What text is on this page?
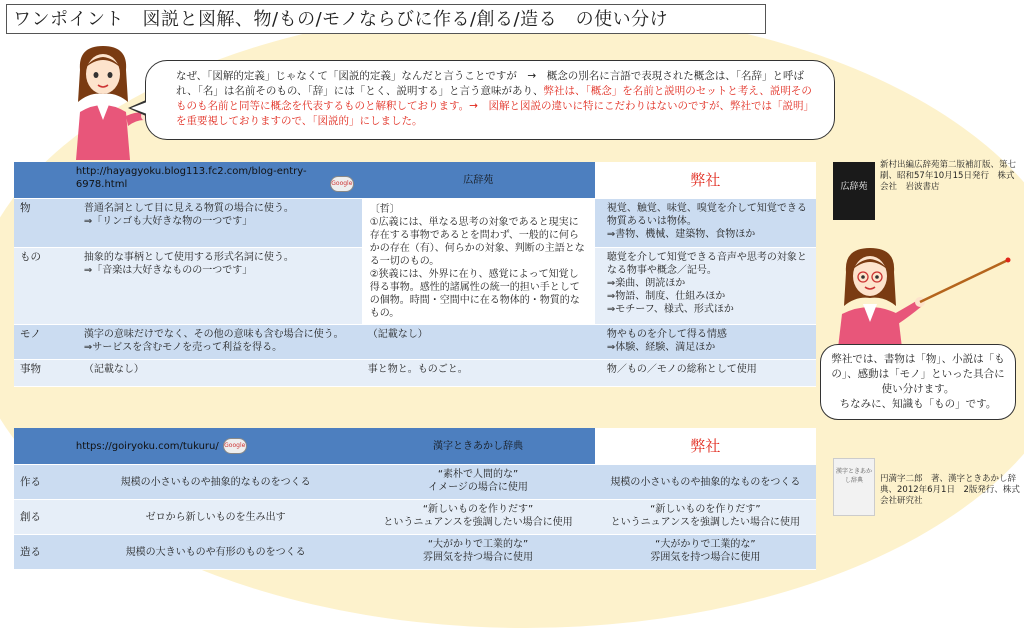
ワンポイント　図説と図解、物/もの/モノならびに作る/創る/造る　の使い分け
なぜ、「図解的定義」じゃなくて「図説的定義」なんだと言うことですが　→　概念の別名に言語で表現された概念は、「名辞」と呼ばれ、「名」は名前そのもの、「辞」には「とく、説明する」と言う意味があり、弊社は、「概念」を名前と説明のセットと考え、説明そのものも名前と同等に概念を代表するものと解釈しております。→　図解と図説の違いに特にこだわりはないのですが、弊社では「説明」を重要視しておりますので、「図説的」にしました。
	http://hayagyoku.blog113.fc2.com/blog-entry-6978.html Google	広辞苑	弊社
物	普通名詞として目に見える物質の場合に使う。
⇒「リンゴも大好きな物の一つです」	〔哲〕
①広義には、単なる思考の対象であると現実に存在する事物であるとを問わず、一般的に何らかの存在（有）、何らかの対象、判断の主語となる一切のもの。
②狭義には、外界に在り、感覚によって知覚し得る事物。感性的諸属性の統一的担い手としての個物。時間・空間中に在る物体的・物質的なもの。	視覚、触覚、味覚、嗅覚を介して知覚できる物質あるいは物体。
⇒書物、機械、建築物、食物ほか
もの	抽象的な事柄として使用する形式名詞に使う。
⇒「音楽は大好きなものの一つです」		聴覚を介して知覚できる音声や思考の対象となる物事や概念／記号。
⇒楽曲、朗読ほか
⇒物語、制度、仕組みほか
⇒モチーフ、様式、形式ほか
モノ	漢字の意味だけでなく、その他の意味も含む場合に使う。
⇒サービスを含むモノを売って利益を得る。	（記載なし）	物やものを介して得る情感
⇒体験、経験、満足ほか
事物	（記載なし）	事と物と。ものごと。	物／もの／モノの総称として使用
広辞苑
新村出編広辞苑第二版補訂版、第七刷、昭和57年10月15日発行　株式会社　岩波書店
弊社では、書物は「物」、小説は「もの」、感動は「モノ」といった具合に使い分けます。
ちなみに、知識も「もの」です。
	https://goiryoku.com/tukuru/ Google	漢字ときあかし辞典	弊社
作る	規模の小さいものや抽象的なものをつくる	“素朴で人間的な”
イメージの場合に使用	規模の小さいものや抽象的なものをつくる
創る	ゼロから新しいものを生み出す	“新しいものを作りだす”
というニュアンスを強調したい場合に使用	“新しいものを作りだす”
というニュアンスを強調したい場合に使用
造る	規模の大きいものや有形のものをつくる	“大がかりで工業的な”
雰囲気を持つ場合に使用	“大がかりで工業的な”
雰囲気を持つ場合に使用
漢字ときあかし辞典	円満字二郎　著、漢字ときあかし辞典、2012年6月1日　2版発行、株式会社研究社
